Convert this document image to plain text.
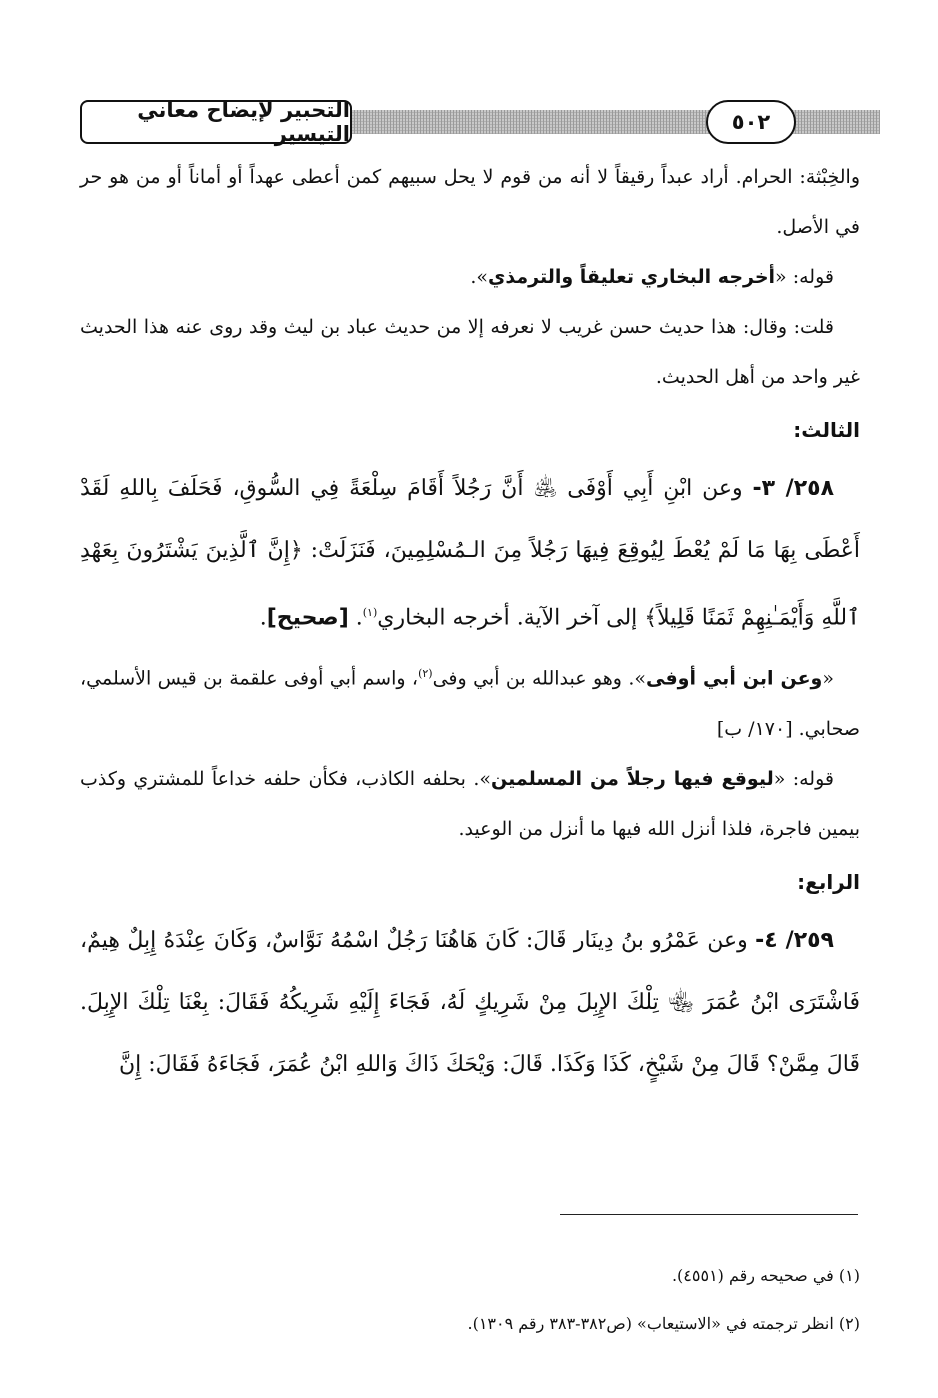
التحبير لإيضاح معاني التيسير	٥٠٢

والخِبْثة: الحرام. أراد عبداً رقيقاً لا أنه من قوم لا يحل سبيهم كمن أعطى عهداً أو أماناً أو من هو حر في الأصل.

قوله: «أخرجه البخاري تعليقاً والترمذي».

قلت: وقال: هذا حديث حسن غريب لا نعرفه إلا من حديث عباد بن ليث وقد روى عنه هذا الحديث غير واحد من أهل الحديث.

الثالث:

٢٥٨/ ٣- وعن ابْنِ أَبِي أَوْفَى ﵁ أَنَّ رَجُلاً أَقَامَ سِلْعَةً فِي السُّوقِ، فَحَلَفَ بِاللهِ لَقَدْ أَعْطَى بِهَا مَا لَمْ يُعْطَ لِيُوقِعَ فِيهَا رَجُلاً مِنَ الـمُسْلِمِينَ، فَنَزَلَتْ: ﴿إِنَّ ٱلَّذِينَ يَشْتَرُونَ بِعَهْدِ ٱللَّهِ وَأَيْمَـٰنِهِمْ ثَمَنًا قَلِيلاً﴾ إلى آخر الآية. أخرجه البخاري$^{(١)}$. [صحيح].

«وعن ابن أبي أوفى». وهو عبدالله بن أبي وفى$^{(٢)}$، واسم أبي أوفى علقمة بن قيس الأسلمي، صحابي. [١٧٠/ ب]

قوله: «ليوقع فيها رجلاً من المسلمين». بحلفه الكاذب، فكأن حلفه خداعاً للمشتري وكذب بيمين فاجرة، فلذا أنزل الله فيها ما أنزل من الوعيد.

الرابع:

٢٥٩/ ٤- وعن عَمْرُو بنُ دِينَار قَالَ: كَانَ هَاهُنَا رَجُلٌ اسْمُهُ نَوَّاسٌ، وَكَانَ عِنْدَهُ إِبِلٌ هِيمٌ، فَاشْتَرَى ابْنُ عُمَرَ ﵄ تِلْكَ الإِبِلَ مِنْ شَرِيكٍ لَهُ، فَجَاءَ إِلَيْهِ شَرِيكُهُ فَقَالَ: بِعْنَا تِلْكَ الإِبِلَ. قَالَ مِمَّنْ؟ قَالَ مِنْ شَيْخٍ، كَذَا وَكَذَا. قَالَ: وَيْحَكَ ذَاكَ وَاللهِ ابْنُ عُمَرَ، فَجَاءَهُ فَقَالَ: إِنَّ

(١) في صحيحه رقم (٤٥٥١).

(٢) انظر ترجمته في «الاستيعاب» (ص٣٨٢-٣٨٣ رقم ١٣٠٩).
